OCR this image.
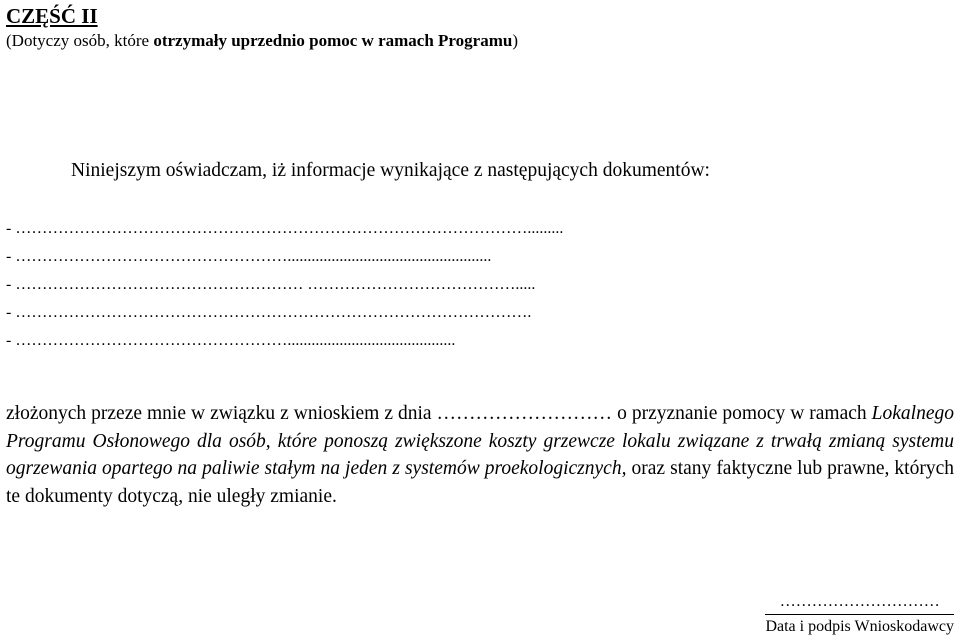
CZĘŚĆ II
(Dotyczy osób, które otrzymały uprzednio pomoc w ramach Programu)
Niniejszym oświadczam, iż informacje wynikające z następujących dokumentów:
- …………………………………………………………………………………….........
- ……………………………………………...................................................
- ……………………………………………… ………………………………….....
- …………………………………………………………………………………….
- ……………………………………………..........................................
złożonych przeze mnie w związku z wnioskiem z dnia ……………………… o przyznanie pomocy w ramach Lokalnego Programu Osłonowego dla osób, które ponoszą zwiększone koszty grzewcze lokalu związane z trwałą zmianą systemu ogrzewania opartego na paliwie stałym na jeden z systemów proekologicznych, oraz stany faktyczne lub prawne, których te dokumenty dotyczą, nie uległy zmianie.
…………………………
Data i podpis Wnioskodawcy
